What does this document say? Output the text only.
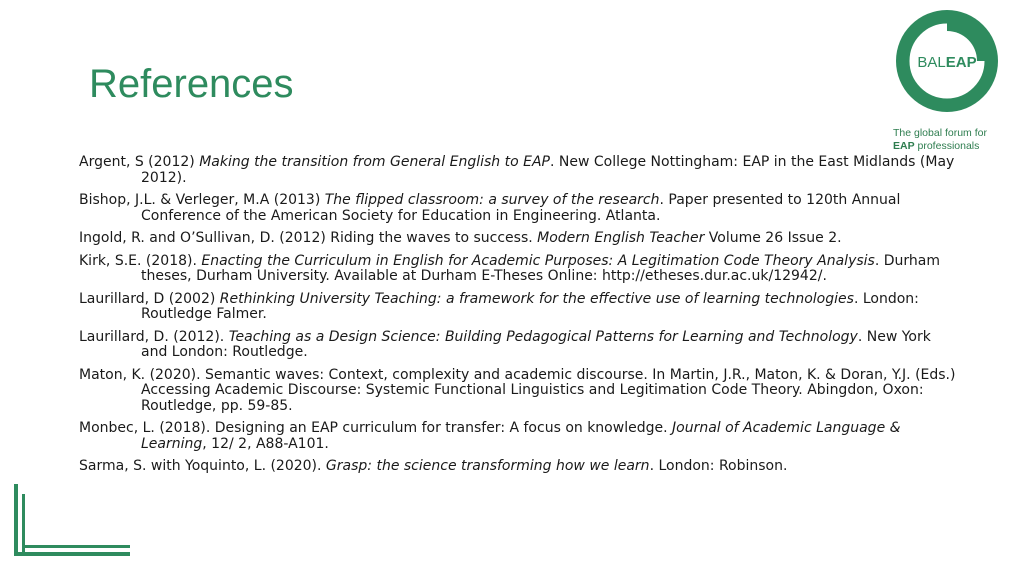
References	BALEAP
The global forum for
EAP professionals

Argent, S (2012) Making the transition from General English to EAP. New College Nottingham: EAP in the East Midlands (May 2012).

Bishop, J.L. & Verleger, M.A (2013) The flipped classroom: a survey of the research. Paper presented to 120th Annual Conference of the American Society for Education in Engineering. Atlanta.

Ingold, R. and O’Sullivan, D. (2012) Riding the waves to success. Modern English Teacher Volume 26 Issue 2.

Kirk, S.E. (2018). Enacting the Curriculum in English for Academic Purposes: A Legitimation Code Theory Analysis. Durham theses, Durham University. Available at Durham E-Theses Online: http://etheses.dur.ac.uk/12942/.

Laurillard, D (2002) Rethinking University Teaching: a framework for the effective use of learning technologies. London: Routledge Falmer.

Laurillard, D. (2012). Teaching as a Design Science: Building Pedagogical Patterns for Learning and Technology. New York and London: Routledge.

Maton, K. (2020). Semantic waves: Context, complexity and academic discourse. In Martin, J.R., Maton, K. & Doran, Y.J. (Eds.) Accessing Academic Discourse: Systemic Functional Linguistics and Legitimation Code Theory. Abingdon, Oxon: Routledge, pp. 59-85.

Monbec, L. (2018). Designing an EAP curriculum for transfer: A focus on knowledge. Journal of Academic Language & Learning, 12/ 2, A88-A101.

Sarma, S. with Yoquinto, L. (2020). Grasp: the science transforming how we learn. London: Robinson.
